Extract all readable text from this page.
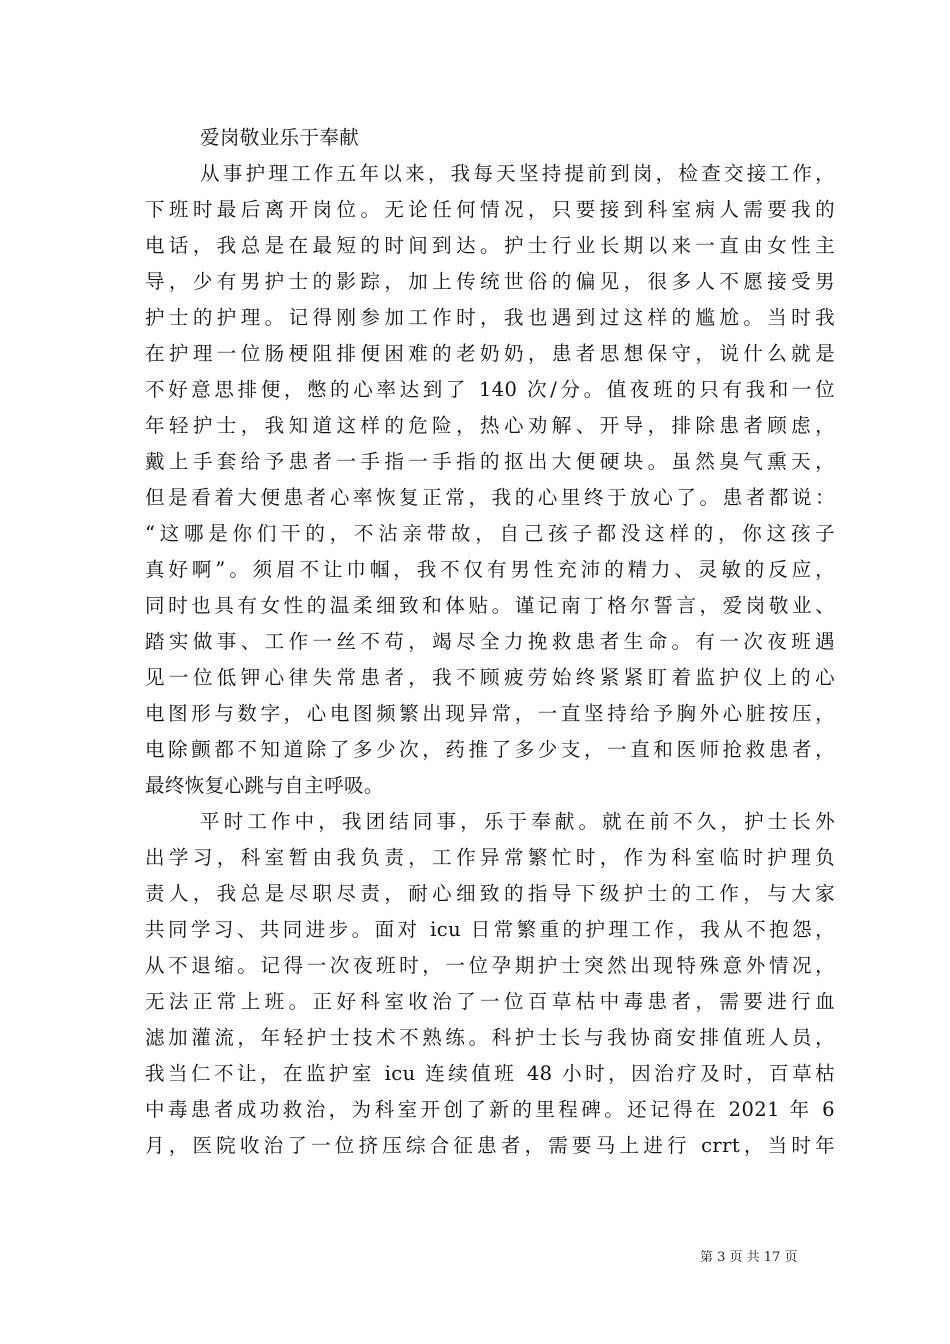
爱岗敬业乐于奉献
从事护理工作五年以来，我每天坚持提前到岗，检查交接工作，
下班时最后离开岗位。无论任何情况，只要接到科室病人需要我的
电话，我总是在最短的时间到达。护士行业长期以来一直由女性主
导，少有男护士的影踪，加上传统世俗的偏见，很多人不愿接受男
护士的护理。记得刚参加工作时，我也遇到过这样的尴尬。当时我
在护理一位肠梗阻排便困难的老奶奶，患者思想保守，说什么就是
不好意思排便，憋的心率达到了 140 次/分。值夜班的只有我和一位
年轻护士，我知道这样的危险，热心劝解、开导，排除患者顾虑，
戴上手套给予患者一手指一手指的抠出大便硬块。虽然臭气熏天，
但是看着大便患者心率恢复正常，我的心里终于放心了。患者都说：
“这哪是你们干的，不沾亲带故，自己孩子都没这样的，你这孩子
真好啊”。须眉不让巾帼，我不仅有男性充沛的精力、灵敏的反应，
同时也具有女性的温柔细致和体贴。谨记南丁格尔誓言，爱岗敬业、
踏实做事、工作一丝不苟，竭尽全力挽救患者生命。有一次夜班遇
见一位低钾心律失常患者，我不顾疲劳始终紧紧盯着监护仪上的心
电图形与数字，心电图频繁出现异常，一直坚持给予胸外心脏按压，
电除颤都不知道除了多少次，药推了多少支，一直和医师抢救患者，
最终恢复心跳与自主呼吸。
平时工作中，我团结同事，乐于奉献。就在前不久，护士长外
出学习，科室暂由我负责，工作异常繁忙时，作为科室临时护理负
责人，我总是尽职尽责，耐心细致的指导下级护士的工作，与大家
共同学习、共同进步。面对 icu 日常繁重的护理工作，我从不抱怨，
从不退缩。记得一次夜班时，一位孕期护士突然出现特殊意外情况，
无法正常上班。正好科室收治了一位百草枯中毒患者，需要进行血
滤加灌流，年轻护士技术不熟练。科护士长与我协商安排值班人员，
我当仁不让，在监护室 icu 连续值班 48 小时，因治疗及时，百草枯
中毒患者成功救治，为科室开创了新的里程碑。还记得在 2021 年 6
月，医院收治了一位挤压综合征患者，需要马上进行 crrt，当时年
第 3 页 共 17 页
